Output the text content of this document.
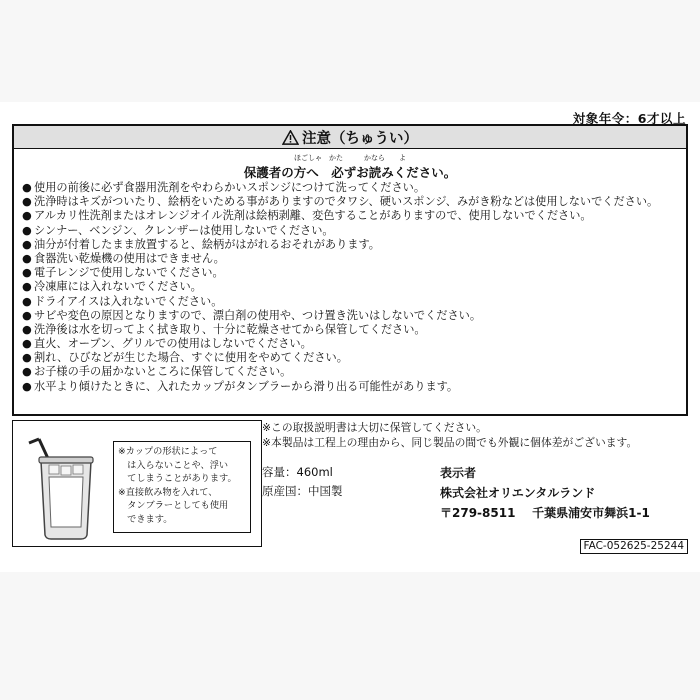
対象年令：6才以上
注意（ちゅうい）
ほごしゃ　かた　　　かなら　　よ
保護者の方へ　必ずお読みください。
● 使用の前後に必ず食器用洗剤をやわらかいスポンジにつけて洗ってください。
● 洗浄時はキズがついたり、絵柄をいためる事がありますのでタワシ、硬いスポンジ、みがき粉などは使用しないでください。
● アルカリ性洗剤またはオレンジオイル洗剤は絵柄剥離、変色することがありますので、使用しないでください。
● シンナー、ベンジン、クレンザーは使用しないでください。
● 油分が付着したまま放置すると、絵柄がはがれるおそれがあります。
● 食器洗い乾燥機の使用はできません。
● 電子レンジで使用しないでください。
● 冷凍庫には入れないでください。
● ドライアイスは入れないでください。
● サビや変色の原因となりますので、漂白剤の使用や、つけ置き洗いはしないでください。
● 洗浄後は水を切ってよく拭き取り、十分に乾燥させてから保管してください。
● 直火、オーブン、グリルでの使用はしないでください。
● 割れ、ひびなどが生じた場合、すぐに使用をやめてください。
● お子様の手の届かないところに保管してください。
● 水平より傾けたときに、入れたカップがタンブラーから滑り出る可能性があります。
※カップの形状によって
　は入らないことや、浮い
　てしまうことがあります。
※直接飲み物を入れて、
　タンブラーとしても使用
　できます。
※この取扱説明書は大切に保管してください。
※本製品は工程上の理由から、同じ製品の間でも外観に個体差がございます。
容量：460ml
原産国：中国製
表示者
株式会社オリエンタルランド
〒279-8511 千葉県浦安市舞浜1-1
FAC-052625-25244
